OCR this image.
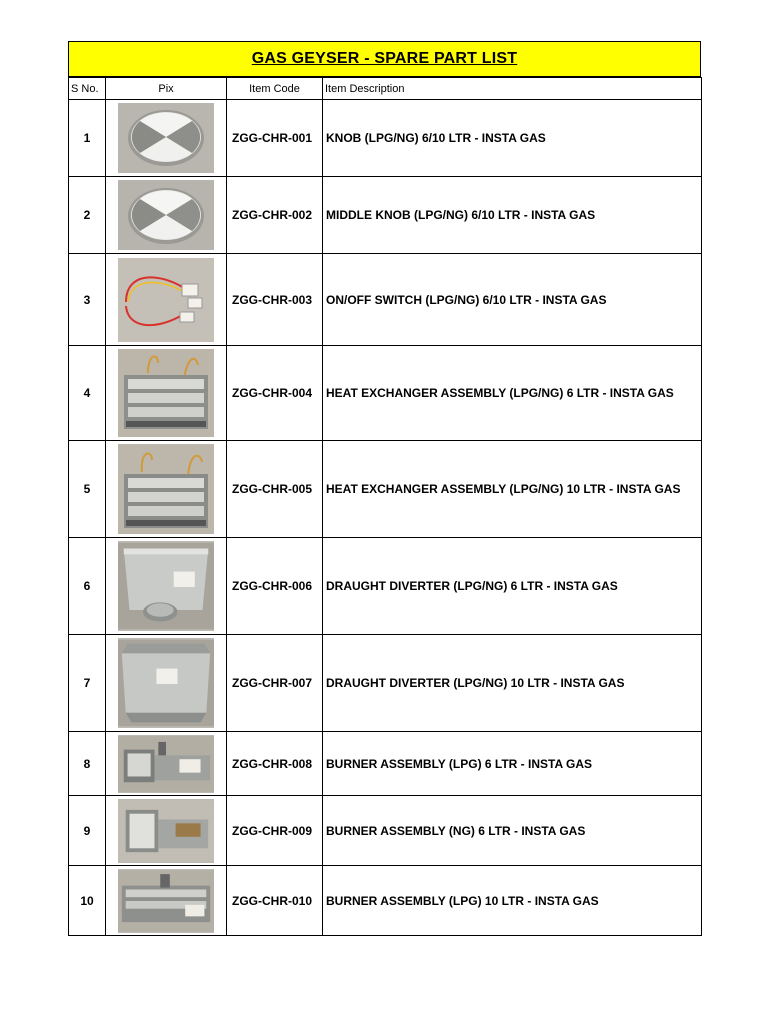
GAS GEYSER - SPARE PART LIST
S No.	Pix	Item Code	Item Description
1		ZGG-CHR-001	KNOB (LPG/NG) 6/10 LTR - INSTA GAS
2		ZGG-CHR-002	MIDDLE KNOB (LPG/NG) 6/10 LTR - INSTA GAS
3		ZGG-CHR-003	ON/OFF SWITCH (LPG/NG) 6/10 LTR - INSTA GAS
4		ZGG-CHR-004	HEAT EXCHANGER ASSEMBLY (LPG/NG) 6 LTR - INSTA GAS
5		ZGG-CHR-005	HEAT EXCHANGER ASSEMBLY (LPG/NG) 10 LTR - INSTA GAS
6		ZGG-CHR-006	DRAUGHT DIVERTER (LPG/NG) 6 LTR - INSTA GAS
7		ZGG-CHR-007	DRAUGHT DIVERTER (LPG/NG) 10 LTR - INSTA GAS
8		ZGG-CHR-008	BURNER ASSEMBLY (LPG) 6 LTR - INSTA GAS
9		ZGG-CHR-009	BURNER ASSEMBLY (NG) 6 LTR - INSTA GAS
10		ZGG-CHR-010	BURNER ASSEMBLY (LPG) 10 LTR - INSTA GAS
